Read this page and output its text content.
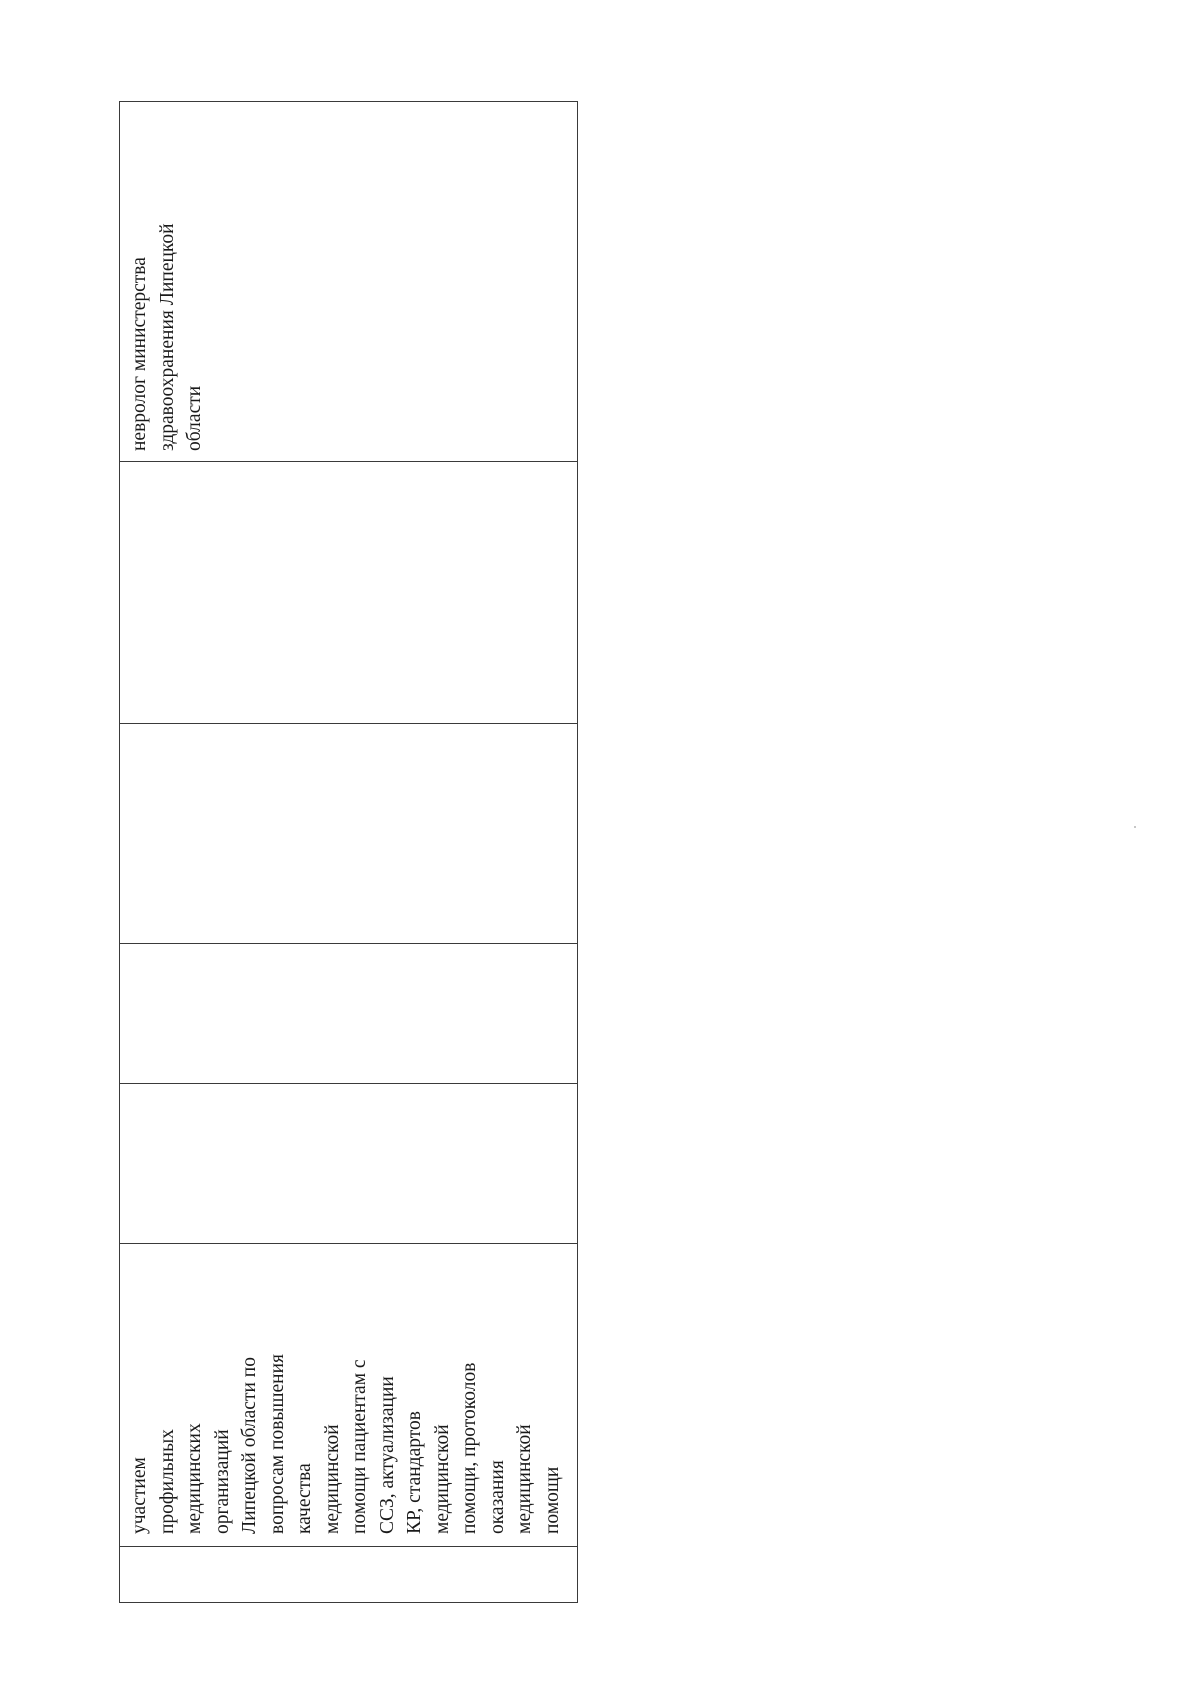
	участием
профильных
медицинских
организаций
Липецкой области по
вопросам повышения
качества
медицинской
помощи пациентам с
ССЗ, актуализации
КР, стандартов
медицинской
помощи, протоколов
оказания
медицинской
помощи					невролог министерства
здравоохранения Липецкой
области
